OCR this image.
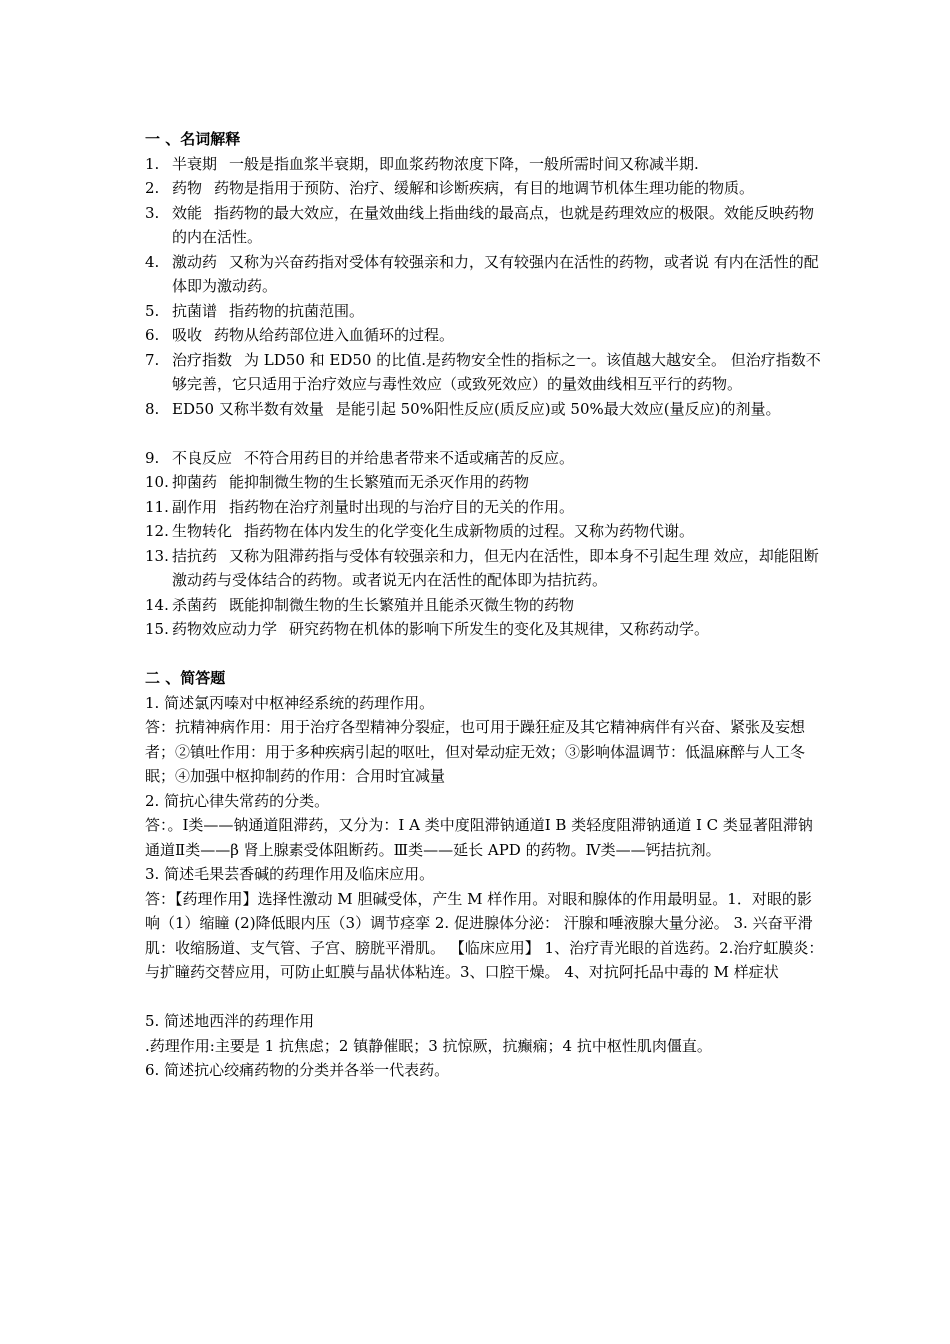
一 、名词解释

1. 半衰期 一般是指血浆半衰期，即血浆药物浓度下降，一般所需时间又称减半期.
2. 药物 药物是指用于预防、治疗、缓解和诊断疾病，有目的地调节机体生理功能的物质。
3. 效能 指药物的最大效应，在量效曲线上指曲线的最高点，也就是药理效应的极限。效能反映药物的内在活性。
4. 激动药 又称为兴奋药指对受体有较强亲和力，又有较强内在活性的药物，或者说 有内在活性的配体即为激动药。
5. 抗菌谱 指药物的抗菌范围。
6. 吸收 药物从给药部位进入血循环的过程。
7. 治疗指数 为 LD50 和 ED50 的比值.是药物安全性的指标之一。该值越大越安全。 但治疗指数不够完善，它只适用于治疗效应与毒性效应（或致死效应）的量效曲线相互平行的药物。
8. ED50 又称半数有效量 是能引起 50%阳性反应(质反应)或 50%最大效应(量反应)的剂量。
9. 不良反应 不符合用药目的并给患者带来不适或痛苦的反应。
10. 抑菌药 能抑制微生物的生长繁殖而无杀灭作用的药物
11. 副作用 指药物在治疗剂量时出现的与治疗目的无关的作用。
12. 生物转化 指药物在体内发生的化学变化生成新物质的过程。又称为药物代谢。
13. 拮抗药 又称为阻滞药指与受体有较强亲和力，但无内在活性，即本身不引起生理 效应，却能阻断激动药与受体结合的药物。或者说无内在活性的配体即为拮抗药。
14. 杀菌药 既能抑制微生物的生长繁殖并且能杀灭微生物的药物
15. 药物效应动力学 研究药物在机体的影响下所发生的变化及其规律，又称药动学。

二 、简答题

1. 简述氯丙嗪对中枢神经系统的药理作用。

答：抗精神病作用：用于治疗各型精神分裂症，也可用于躁狂症及其它精神病伴有兴奋、紧张及妄想者；②镇吐作用：用于多种疾病引起的呕吐，但对晕动症无效；③影响体温调节：低温麻醉与人工冬眠；④加强中枢抑制药的作用：合用时宜减量

2. 简抗心律失常药的分类。

答：。Ⅰ类——钠通道阻滞药，又分为：Ⅰ A 类中度阻滞钠通道Ⅰ B 类轻度阻滞钠通道 Ⅰ C 类显著阻滞钠通道Ⅱ类——β 肾上腺素受体阻断药。Ⅲ类——延长 APD 的药物。Ⅳ类——钙拮抗剂。

3. 简述毛果芸香碱的药理作用及临床应用。

答：【药理作用】选择性激动 M 胆碱受体，产生 M 样作用。对眼和腺体的作用最明显。1．对眼的影响（1）缩瞳 (2)降低眼内压（3）调节痉挛 2. 促进腺体分泌： 汗腺和唾液腺大量分泌。 3. 兴奋平滑肌：收缩肠道、支气管、子宫、膀胱平滑肌。 【临床应用】 1、治疗青光眼的首选药。2.治疗虹膜炎：与扩瞳药交替应用，可防止虹膜与晶状体粘连。3、口腔干燥。 4、对抗阿托品中毒的 M 样症状

5. 简述地西泮的药理作用

.药理作用:主要是 1 抗焦虑；2 镇静催眠；3 抗惊厥，抗癫痫；4 抗中枢性肌肉僵直。

6. 简述抗心绞痛药物的分类并各举一代表药。
